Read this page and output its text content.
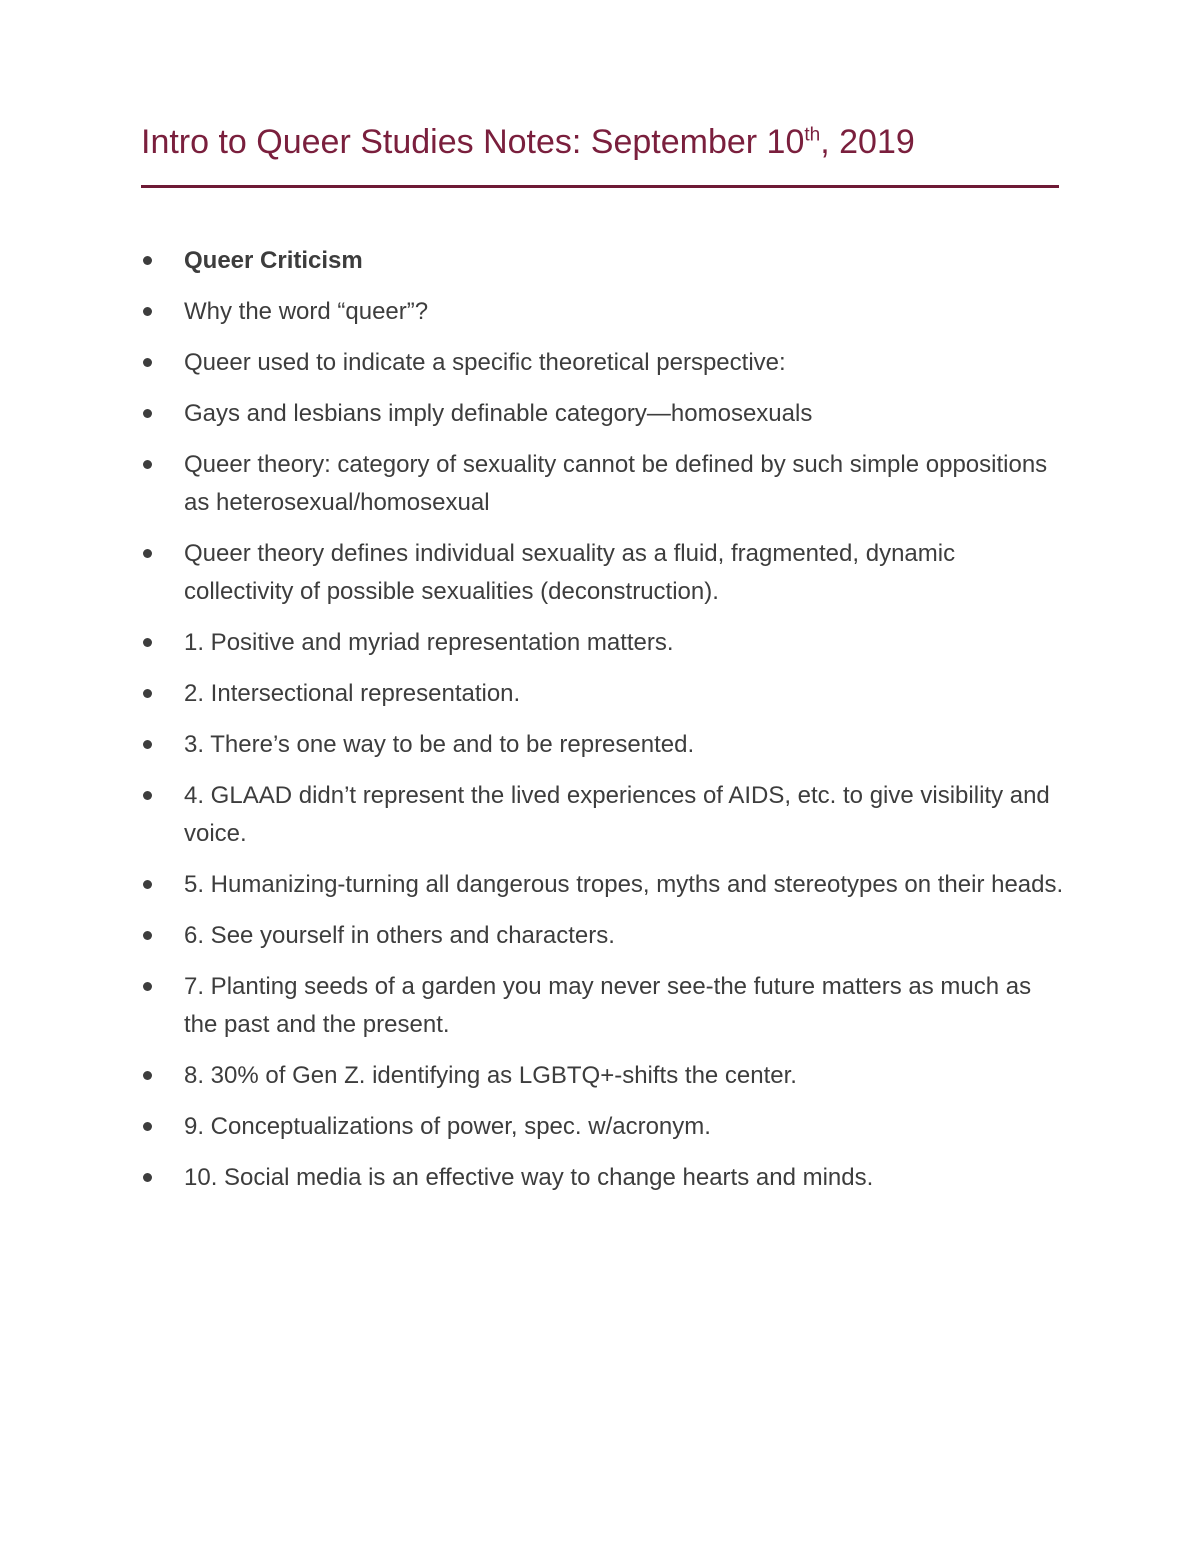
Intro to Queer Studies Notes: September 10th, 2019
Queer Criticism
Why the word “queer”?
Queer used to indicate a specific theoretical perspective:
Gays and lesbians imply definable category—homosexuals
Queer theory: category of sexuality cannot be defined by such simple oppositions as heterosexual/homosexual
Queer theory defines individual sexuality as a fluid, fragmented, dynamic collectivity of possible sexualities (deconstruction).
1. Positive and myriad representation matters.
2. Intersectional representation.
3. There’s one way to be and to be represented.
4. GLAAD didn’t represent the lived experiences of AIDS, etc. to give visibility and voice.
5. Humanizing-turning all dangerous tropes, myths and stereotypes on their heads.
6. See yourself in others and characters.
7. Planting seeds of a garden you may never see-the future matters as much as the past and the present.
8. 30% of Gen Z. identifying as LGBTQ+-shifts the center.
9. Conceptualizations of power, spec. w/acronym.
10. Social media is an effective way to change hearts and minds.
